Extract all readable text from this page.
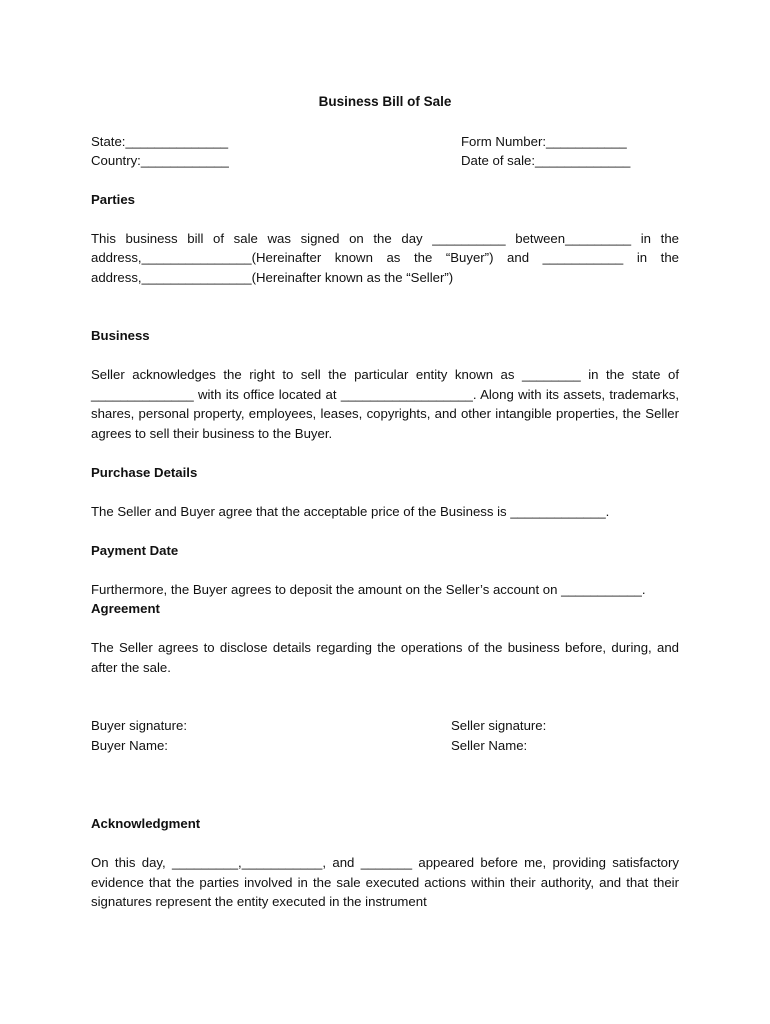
Business Bill of Sale
State:______________
Country:____________
Form Number:___________
Date of sale:_____________
Parties

This business bill of sale was signed on the day __________ between_________ in the address,_______________(Hereinafter known as the “Buyer”) and ___________ in the address,_______________(Hereinafter known as the “Seller”)

Business

Seller acknowledges the right to sell the particular entity known as ________ in the state of ______________ with its office located at __________________. Along with its assets, trademarks, shares, personal property, employees, leases, copyrights, and other intangible properties, the Seller agrees to sell their business to the Buyer.

Purchase Details

The Seller and Buyer agree that the acceptable price of the Business is _____________.

Payment Date

Furthermore, the Buyer agrees to deposit the amount on the Seller’s account on ___________.

Agreement

The Seller agrees to disclose details regarding the operations of the business before, during, and after the sale.

Buyer signature:
Buyer Name:
Seller signature:
Seller Name:
Acknowledgment

On this day, _________,___________, and _______ appeared before me, providing satisfactory evidence that the parties involved in the sale executed actions within their authority, and that their signatures represent the entity executed in the instrument
